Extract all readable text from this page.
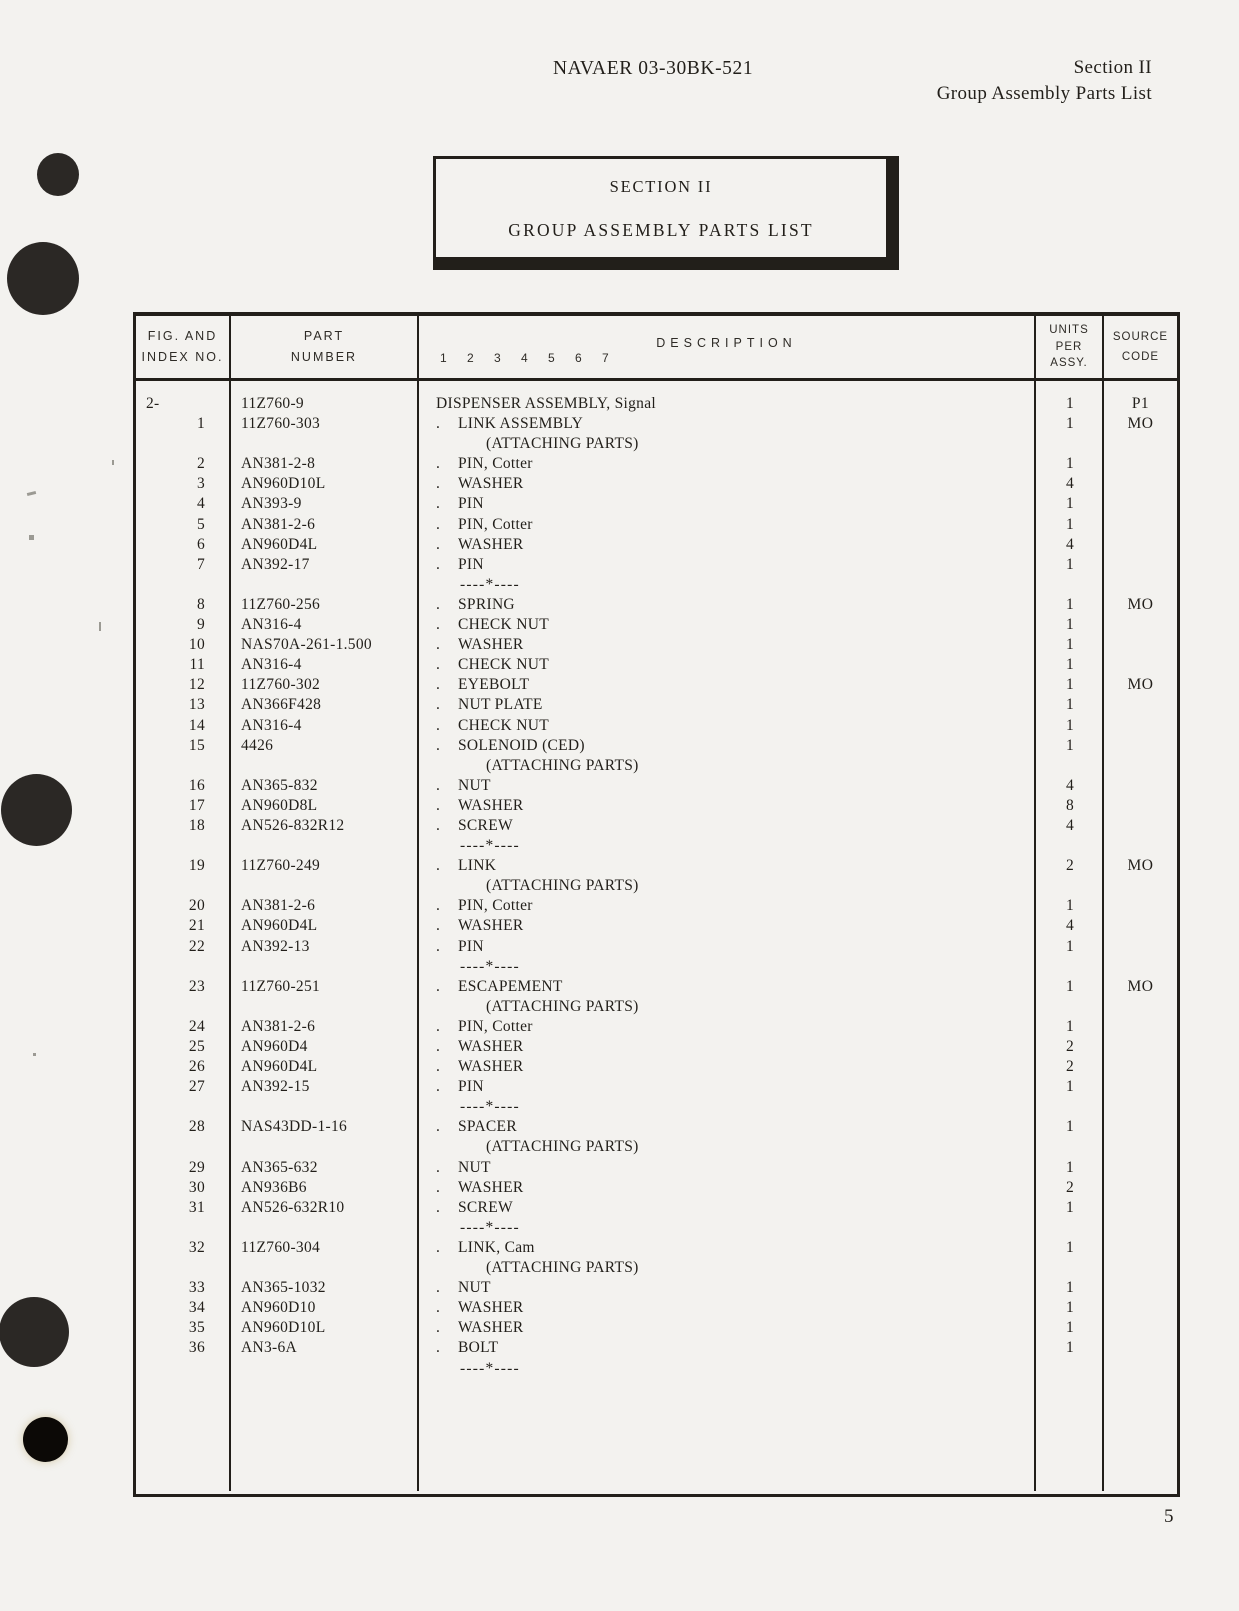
NAVAER 03-30BK-521	Section II
Group Assembly Parts List
SECTION II
GROUP ASSEMBLY PARTS LIST
FIG. AND
INDEX NO.
PART
NUMBER
DESCRIPTION
1 2 3 4 5 6 7
UNITS
PER
ASSY.
SOURCE
CODE
2-	11Z760-9	DISPENSER ASSEMBLY, Signal	1	P1
1	11Z760-303	. LINK ASSEMBLY	1	MO
(ATTACHING PARTS)
2	AN381-2-8	. PIN, Cotter	1
3	AN960D10L	. WASHER	4
4	AN393-9	. PIN	1
5	AN381-2-6	. PIN, Cotter	1
6	AN960D4L	. WASHER	4
7	AN392-17	. PIN	1
----*----
8	11Z760-256	. SPRING	1	MO
9	AN316-4	. CHECK NUT	1
10	NAS70A-261-1.500	. WASHER	1
11	AN316-4	. CHECK NUT	1
12	11Z760-302	. EYEBOLT	1	MO
13	AN366F428	. NUT PLATE	1
14	AN316-4	. CHECK NUT	1
15	4426	. SOLENOID (CED)	1
(ATTACHING PARTS)
16	AN365-832	. NUT	4
17	AN960D8L	. WASHER	8
18	AN526-832R12	. SCREW	4
----*----
19	11Z760-249	. LINK	2	MO
(ATTACHING PARTS)
20	AN381-2-6	. PIN, Cotter	1
21	AN960D4L	. WASHER	4
22	AN392-13	. PIN	1
----*----
23	11Z760-251	. ESCAPEMENT	1	MO
(ATTACHING PARTS)
24	AN381-2-6	. PIN, Cotter	1
25	AN960D4	. WASHER	2
26	AN960D4L	. WASHER	2
27	AN392-15	. PIN	1
----*----
28	NAS43DD-1-16	. SPACER	1
(ATTACHING PARTS)
29	AN365-632	. NUT	1
30	AN936B6	. WASHER	2
31	AN526-632R10	. SCREW	1
----*----
32	11Z760-304	. LINK, Cam	1
(ATTACHING PARTS)
33	AN365-1032	. NUT	1
34	AN960D10	. WASHER	1
35	AN960D10L	. WASHER	1
36	AN3-6A	. BOLT	1
----*----
5
